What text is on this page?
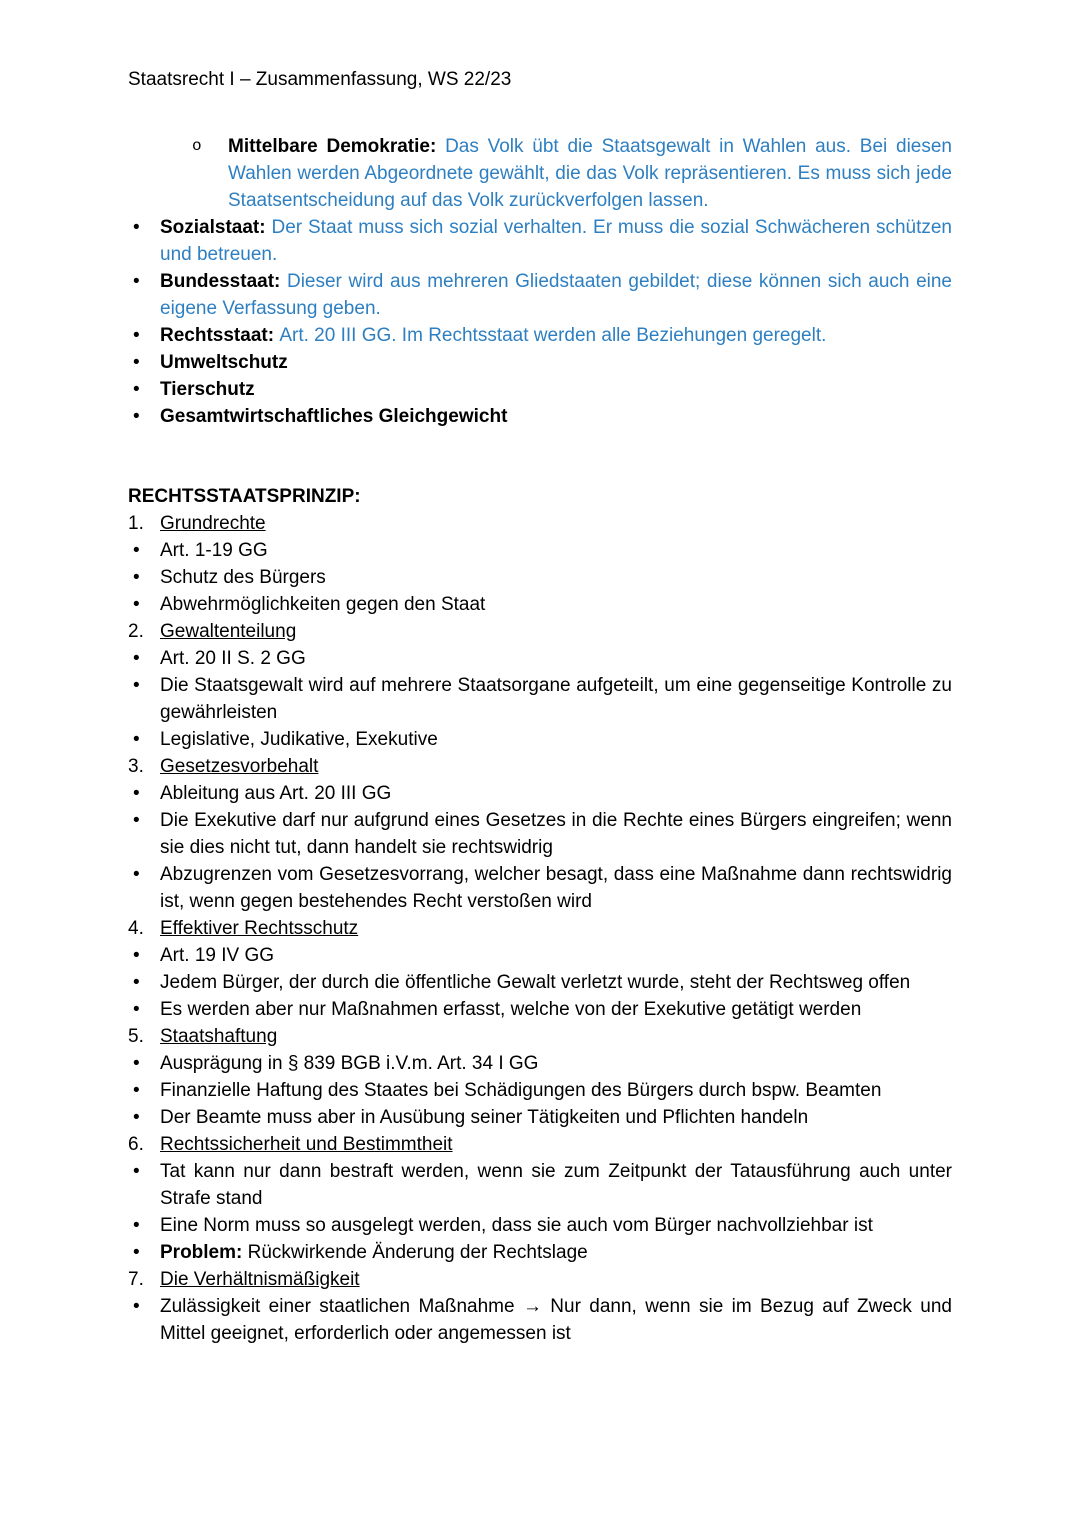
Staatsrecht I – Zusammenfassung, WS 22/23
o Mittelbare Demokratie: Das Volk übt die Staatsgewalt in Wahlen aus. Bei diesen Wahlen werden Abgeordnete gewählt, die das Volk repräsentieren. Es muss sich jede Staatsentscheidung auf das Volk zurückverfolgen lassen.
• Sozialstaat: Der Staat muss sich sozial verhalten. Er muss die sozial Schwächeren schützen und betreuen.
• Bundesstaat: Dieser wird aus mehreren Gliedstaaten gebildet; diese können sich auch eine eigene Verfassung geben.
• Rechtsstaat: Art. 20 III GG. Im Rechtsstaat werden alle Beziehungen geregelt.
• Umweltschutz
• Tierschutz
• Gesamtwirtschaftliches Gleichgewicht
RECHTSSTAATSPRINZIP:
1. Grundrechte
• Art. 1-19 GG
• Schutz des Bürgers
• Abwehrmöglichkeiten gegen den Staat
2. Gewaltenteilung
• Art. 20 II S. 2 GG
• Die Staatsgewalt wird auf mehrere Staatsorgane aufgeteilt, um eine gegenseitige Kontrolle zu gewährleisten
• Legislative, Judikative, Exekutive
3. Gesetzesvorbehalt
• Ableitung aus Art. 20 III GG
• Die Exekutive darf nur aufgrund eines Gesetzes in die Rechte eines Bürgers eingreifen; wenn sie dies nicht tut, dann handelt sie rechtswidrig
• Abzugrenzen vom Gesetzesvorrang, welcher besagt, dass eine Maßnahme dann rechtswidrig ist, wenn gegen bestehendes Recht verstoßen wird
4. Effektiver Rechtsschutz
• Art. 19 IV GG
• Jedem Bürger, der durch die öffentliche Gewalt verletzt wurde, steht der Rechtsweg offen
• Es werden aber nur Maßnahmen erfasst, welche von der Exekutive getätigt werden
5. Staatshaftung
• Ausprägung in § 839 BGB i.V.m. Art. 34 I GG
• Finanzielle Haftung des Staates bei Schädigungen des Bürgers durch bspw. Beamten
• Der Beamte muss aber in Ausübung seiner Tätigkeiten und Pflichten handeln
6. Rechtssicherheit und Bestimmtheit
• Tat kann nur dann bestraft werden, wenn sie zum Zeitpunkt der Tatausführung auch unter Strafe stand
• Eine Norm muss so ausgelegt werden, dass sie auch vom Bürger nachvollziehbar ist
• Problem: Rückwirkende Änderung der Rechtslage
7. Die Verhältnismäßigkeit
• Zulässigkeit einer staatlichen Maßnahme → Nur dann, wenn sie im Bezug auf Zweck und Mittel geeignet, erforderlich oder angemessen ist
